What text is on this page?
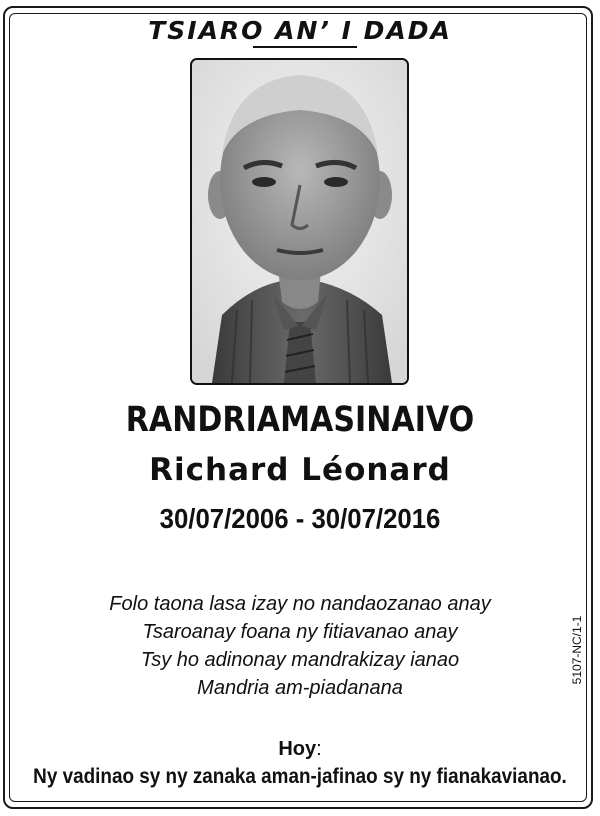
TSIARO AN’ I DADA
RANDRIAMASINAIVO
Richard Léonard
30/07/2006 - 30/07/2016
Folo taona lasa izay no nandaozanao anay
Tsaroanay foana ny fitiavanao anay
Tsy ho adinonay mandrakizay ianao
Mandria am-piadanana
5107-NC/1-1
Hoy:
Ny vadinao sy ny zanaka aman-jafinao sy ny fianakavianao.
